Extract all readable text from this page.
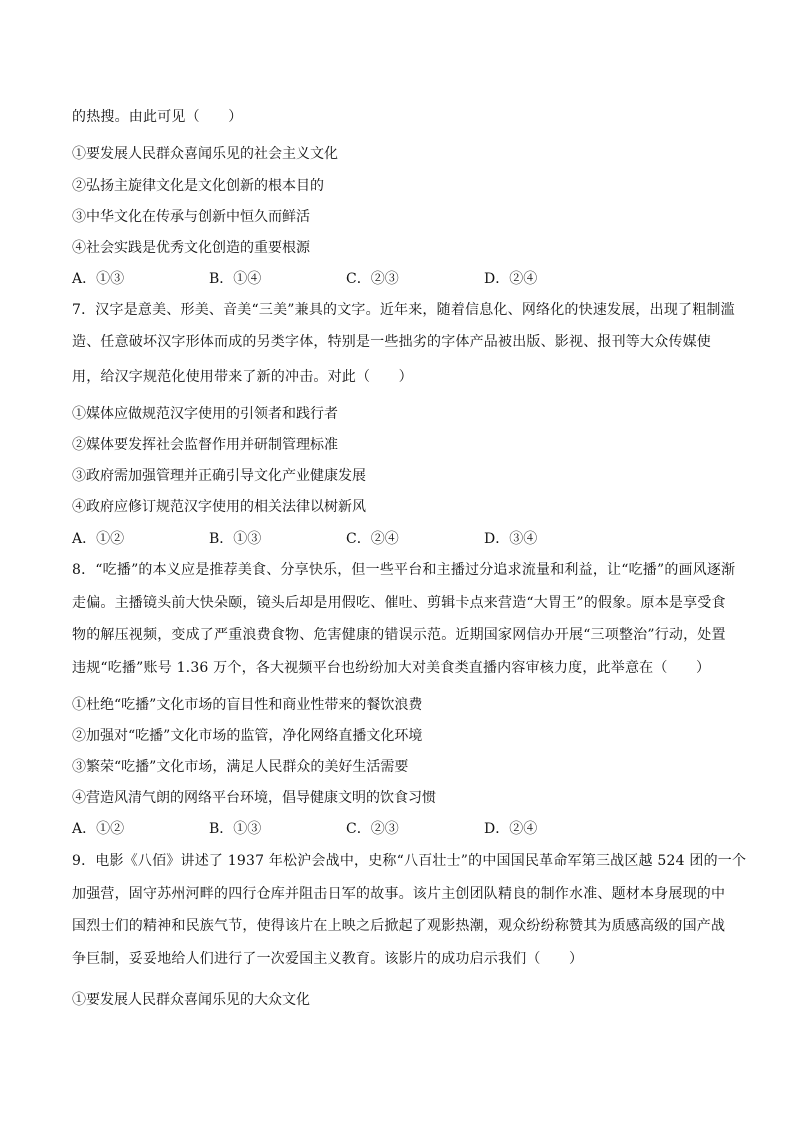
的热搜。由此可见（　　）
①要发展人民群众喜闻乐见的社会主义文化
②弘扬主旋律文化是文化创新的根本目的
③中华文化在传承与创新中恒久而鲜活
④社会实践是优秀文化创造的重要根源
A．①③	B．①④	C．②③	D．②④
7．汉字是意美、形美、音美“三美”兼具的文字。近年来，随着信息化、网络化的快速发展，出现了粗制滥
造、任意破坏汉字形体而成的另类字体，特别是一些拙劣的字体产品被出版、影视、报刊等大众传媒使
用，给汉字规范化使用带来了新的冲击。对此（　　）
①媒体应做规范汉字使用的引领者和践行者
②媒体要发挥社会监督作用并研制管理标准
③政府需加强管理并正确引导文化产业健康发展
④政府应修订规范汉字使用的相关法律以树新风
A．①②	B．①③	C．②④	D．③④
8．“吃播”的本义应是推荐美食、分享快乐，但一些平台和主播过分追求流量和利益，让“吃播”的画风逐渐
走偏。主播镜头前大快朵颐，镜头后却是用假吃、催吐、剪辑卡点来营造“大胃王”的假象。原本是享受食
物的解压视频，变成了严重浪费食物、危害健康的错误示范。近期国家网信办开展“三项整治”行动，处置
违规“吃播”账号 1.36 万个，各大视频平台也纷纷加大对美食类直播内容审核力度，此举意在（　　）
①杜绝“吃播”文化市场的盲目性和商业性带来的餐饮浪费
②加强对“吃播”文化市场的监管，净化网络直播文化环境
③繁荣“吃播”文化市场，满足人民群众的美好生活需要
④营造风清气朗的网络平台环境，倡导健康文明的饮食习惯
A．①②	B．①③	C．②③	D．②④
9．电影《八佰》讲述了 1937 年松沪会战中，史称“八百壮士”的中国国民革命军第三战区越 524 团的一个
加强营，固守苏州河畔的四行仓库并阻击日军的故事。该片主创团队精良的制作水准、题材本身展现的中
国烈士们的精神和民族气节，使得该片在上映之后掀起了观影热潮，观众纷纷称赞其为质感高级的国产战
争巨制，妥妥地给人们进行了一次爱国主义教育。该影片的成功启示我们（　　）
①要发展人民群众喜闻乐见的大众文化
